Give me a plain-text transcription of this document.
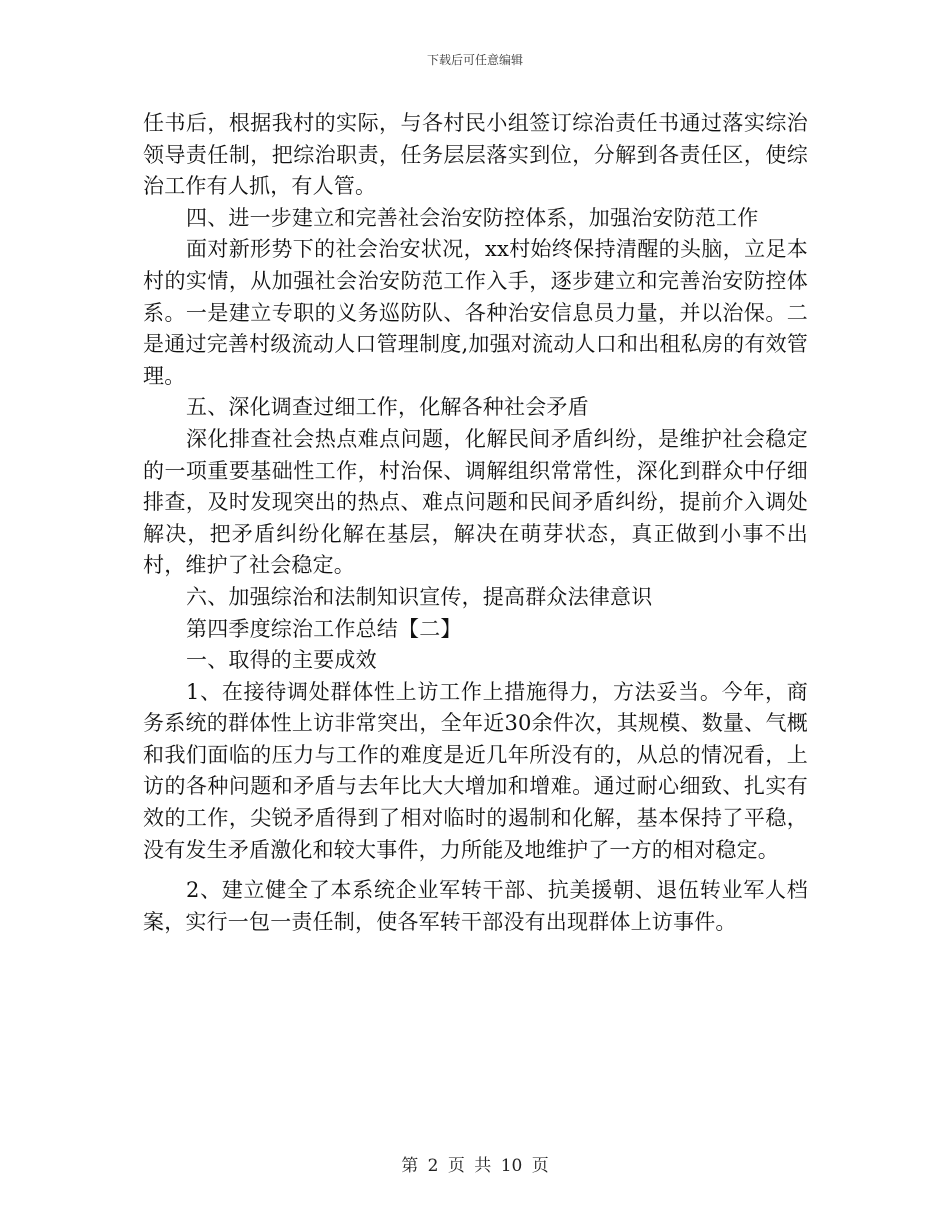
下载后可任意编辑

任书后，根据我村的实际，与各村民小组签订综治责任书通过落实综治领导责任制，把综治职责，任务层层落实到位，分解到各责任区，使综治工作有人抓，有人管。

四、进一步建立和完善社会治安防控体系，加强治安防范工作

面对新形势下的社会治安状况，xx村始终保持清醒的头脑，立足本村的实情，从加强社会治安防范工作入手，逐步建立和完善治安防控体系。一是建立专职的义务巡防队、各种治安信息员力量，并以治保。二是通过完善村级流动人口管理制度,加强对流动人口和出租私房的有效管理。

五、深化调查过细工作，化解各种社会矛盾

深化排查社会热点难点问题，化解民间矛盾纠纷，是维护社会稳定的一项重要基础性工作，村治保、调解组织常常性，深化到群众中仔细排查，及时发现突出的热点、难点问题和民间矛盾纠纷，提前介入调处解决，把矛盾纠纷化解在基层，解决在萌芽状态，真正做到小事不出村，维护了社会稳定。

六、加强综治和法制知识宣传，提高群众法律意识

第四季度综治工作总结【二】

一、取得的主要成效

1、在接待调处群体性上访工作上措施得力，方法妥当。今年，商务系统的群体性上访非常突出，全年近30余件次，其规模、数量、气概和我们面临的压力与工作的难度是近几年所没有的，从总的情况看，上访的各种问题和矛盾与去年比大大增加和增难。通过耐心细致、扎实有效的工作，尖锐矛盾得到了相对临时的遏制和化解，基本保持了平稳，没有发生矛盾激化和较大事件，力所能及地维护了一方的相对稳定。

2、建立健全了本系统企业军转干部、抗美援朝、退伍转业军人档案，实行一包一责任制，使各军转干部没有出现群体上访事件。

第 2 页 共 10 页
